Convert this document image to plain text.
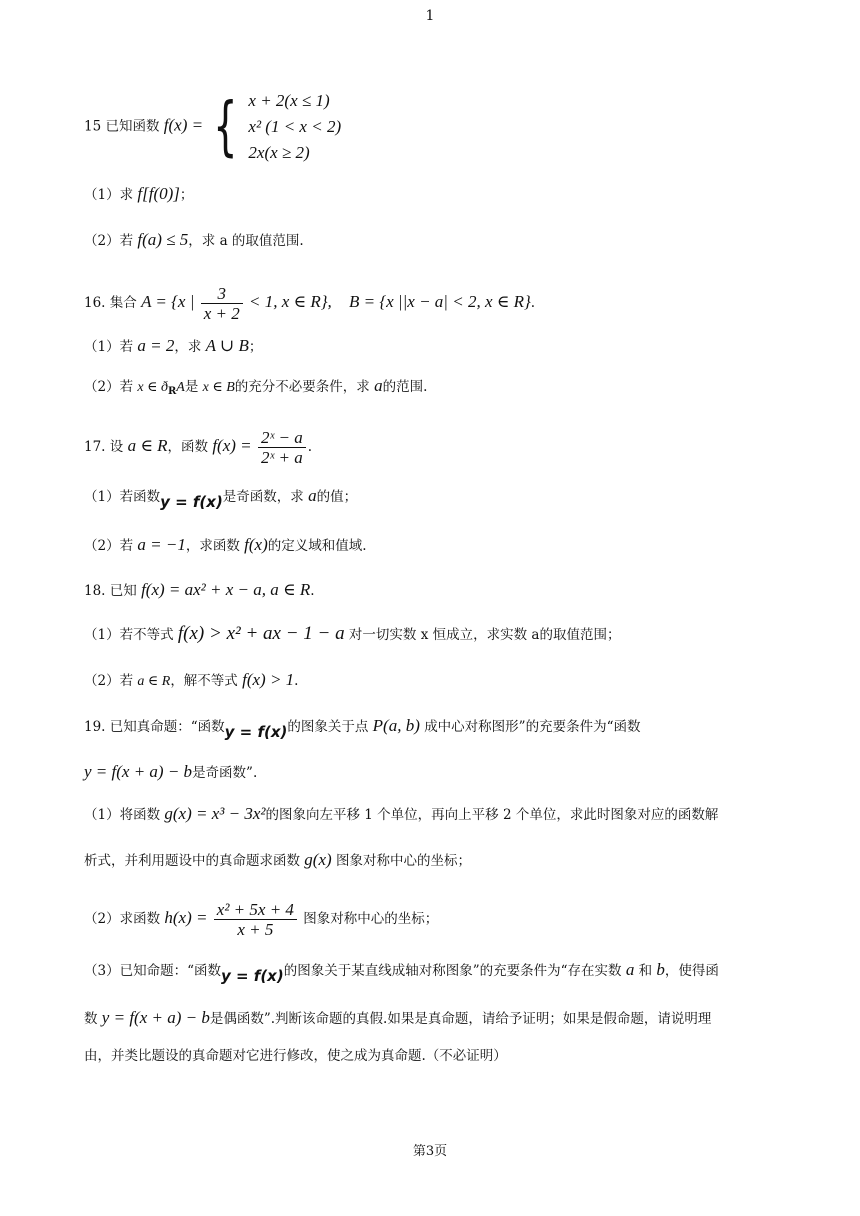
1
15 已知函数 f(x) = { x + 2(x ≤ 1)
x² (1 < x < 2)
2x(x ≥ 2)
（1）求 f[f(0)]；
（2）若 f(a) ≤ 5，求 a 的取值范围.
16. 集合 A = {x | $\frac{3}{x + 2} < 1$, x ∈ R}, B = {x ||x − a| < 2, x ∈ R}.
（1）若 a = 2，求 A ∪ B；
（2）若 x ∈ $ð_RA$是 x ∈ B的充分不必要条件，求 a的范围.
17. 设 a ∈ R，函数 $f(x) = \frac{\text{2ˣ − a}}{\text{2ˣ + a}}$ .
（1）若函数y = f(x)是奇函数，求 a的值；
（2）若 a = −1，求函数 f(x)的定义域和值域.
18. 已知 f(x) = ax² + x − a, a ∈ R.
（1）若不等式 f(x) > x² + ax − 1 − a 对一切实数 x 恒成立，求实数 a的取值范围；
（2）若 a ∈ R，解不等式 f(x) > 1.
19. 已知真命题：“函数y = f(x)的图象关于点 P(a, b) 成中心对称图形”的充要条件为“函数
y = f(x + a) − b是奇函数”.
（1）将函数 g(x) = x³ − 3x²的图象向左平移 1 个单位，再向上平移 2 个单位，求此时图象对应的函数解
析式，并利用题设中的真命题求函数 g(x) 图象对称中心的坐标；
（2）求函数 $h(x) = \frac{\text{x² + 5x + 4}}{x + 5}$ 图象对称中心的坐标；
（3）已知命题：“函数y = f(x)的图象关于某直线成轴对称图象”的充要条件为“存在实数 a 和 b，使得函
数 y = f(x + a) − b是偶函数”.判断该命题的真假.如果是真命题，请给予证明；如果是假命题，请说明理
由，并类比题设的真命题对它进行修改，使之成为真命题.（不必证明）
第3页
